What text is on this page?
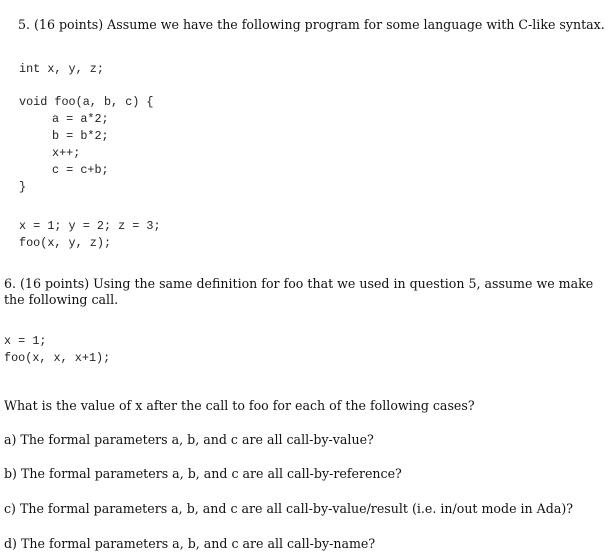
5. (16 points) Assume we have the following program for some language with C-like syntax.
int x, y, z;
void foo(a, b, c) {
a = a*2;
b = b*2;
x++;
c = c+b;
}
x = 1; y = 2; z = 3;
foo(x, y, z);
6. (16 points) Using the same definition for foo that we used in question 5, assume we make
the following call.
x = 1;
foo(x, x, x+1);
What is the value of x after the call to foo for each of the following cases?
a) The formal parameters a, b, and c are all call-by-value?
b) The formal parameters a, b, and c are all call-by-reference?
c) The formal parameters a, b, and c are all call-by-value/result (i.e. in/out mode in Ada)?
d) The formal parameters a, b, and c are all call-by-name?
